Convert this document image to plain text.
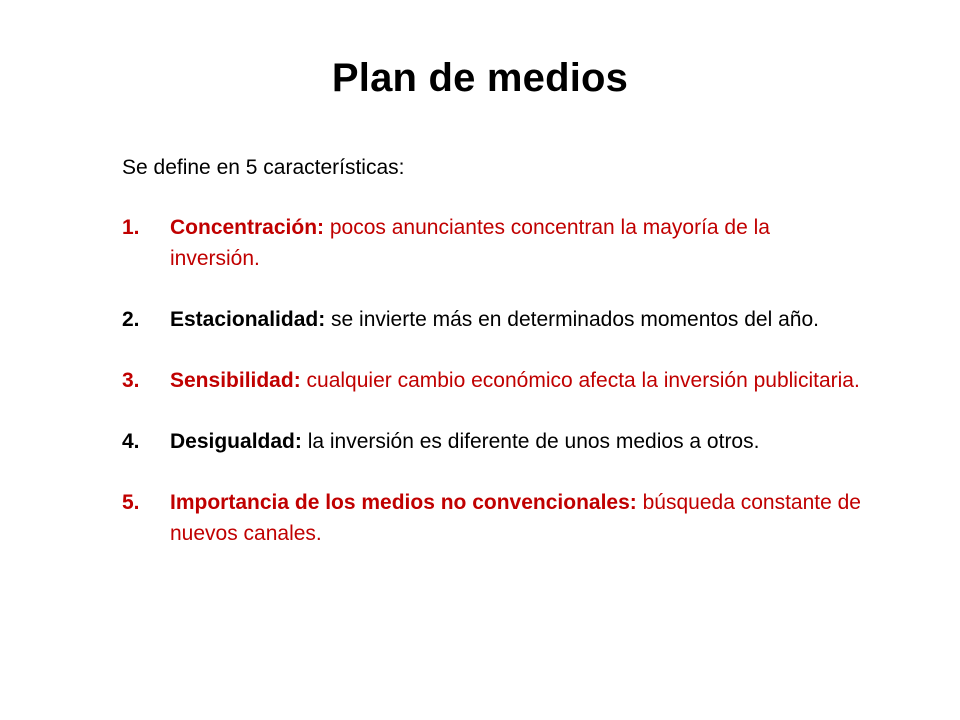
Plan de medios

Se define en 5 características:

1. Concentración: pocos anunciantes concentran la mayoría de la inversión.
2. Estacionalidad: se invierte más en determinados momentos del año.
3. Sensibilidad: cualquier cambio económico afecta la inversión publicitaria.
4. Desigualdad: la inversión es diferente de unos medios a otros.
5. Importancia de los medios no convencionales: búsqueda constante de nuevos canales.
